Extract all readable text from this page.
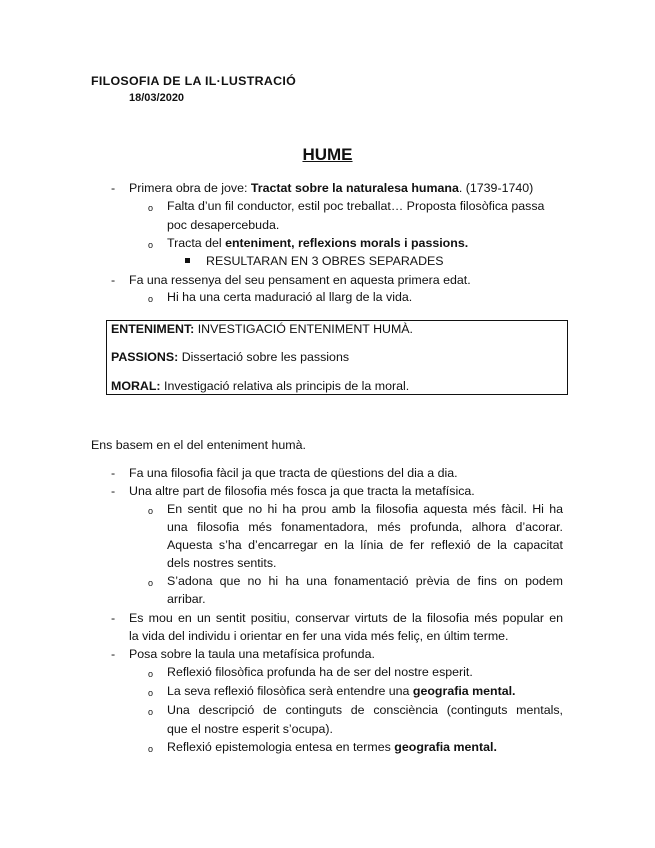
FILOSOFIA DE LA IL·LUSTRACIÓ
18/03/2020
HUME
- Primera obra de jove: Tractat sobre la naturalesa humana. (1739-1740)
o Falta d’un fil conductor, estil poc treballat… Proposta filosòfica passa
poc desapercebuda.
o Tracta del enteniment, reflexions morals i passions.
RESULTARAN EN 3 OBRES SEPARADES
- Fa una ressenya del seu pensament en aquesta primera edat.
o Hi ha una certa maduració al llarg de la vida.
ENTENIMENT: INVESTIGACIÓ ENTENIMENT HUMÀ.
PASSIONS: Dissertació sobre les passions
MORAL: Investigació relativa als principis de la moral.
Ens basem en el del enteniment humà.
- Fa una filosofia fàcil ja que tracta de qüestions del dia a dia.
- Una altre part de filosofia més fosca ja que tracta la metafísica.
o En sentit que no hi ha prou amb la filosofia aquesta més fàcil. Hi ha
una filosofia més fonamentadora, més profunda, alhora d’acorar.
Aquesta s’ha d’encarregar en la línia de fer reflexió de la capacitat
dels nostres sentits.
o S’adona que no hi ha una fonamentació prèvia de fins on podem
arribar.
- Es mou en un sentit positiu, conservar virtuts de la filosofia més popular en
la vida del individu i orientar en fer una vida més feliç, en últim terme.
- Posa sobre la taula una metafísica profunda.
o Reflexió filosòfica profunda ha de ser del nostre esperit.
o La seva reflexió filosòfica serà entendre una geografia mental.
o Una descripció de continguts de consciència (continguts mentals,
que el nostre esperit s’ocupa).
o Reflexió epistemologia entesa en termes geografia mental.
